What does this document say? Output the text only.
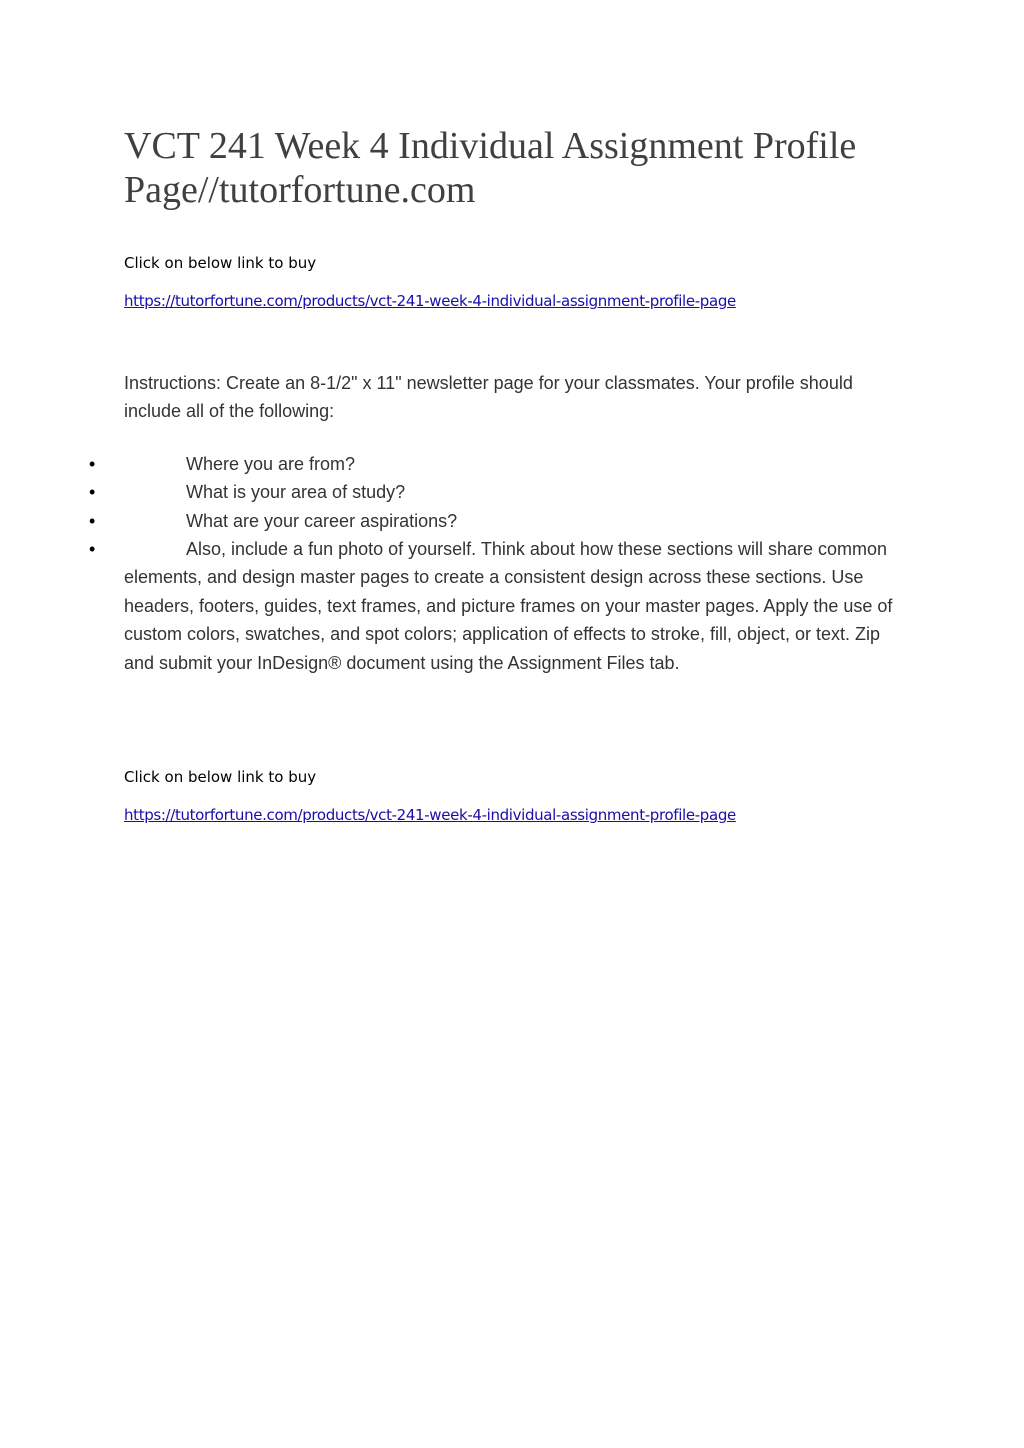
VCT 241 Week 4 Individual Assignment Profile
Page//tutorfortune.com

Click on below link to buy

https://tutorfortune.com/products/vct-241-week-4-individual-assignment-profile-page

Instructions: Create an 8-1/2" x 11" newsletter page for your classmates. Your profile should include all of the following:

•	Where you are from?
•	What is your area of study?
•	What are your career aspirations?
•	Also, include a fun photo of yourself. Think about how these sections will share common elements, and design master pages to create a consistent design across these sections. Use headers, footers, guides, text frames, and picture frames on your master pages. Apply the use of custom colors, swatches, and spot colors; application of effects to stroke, fill, object, or text. Zip and submit your InDesign® document using the Assignment Files tab.

Click on below link to buy

https://tutorfortune.com/products/vct-241-week-4-individual-assignment-profile-page
